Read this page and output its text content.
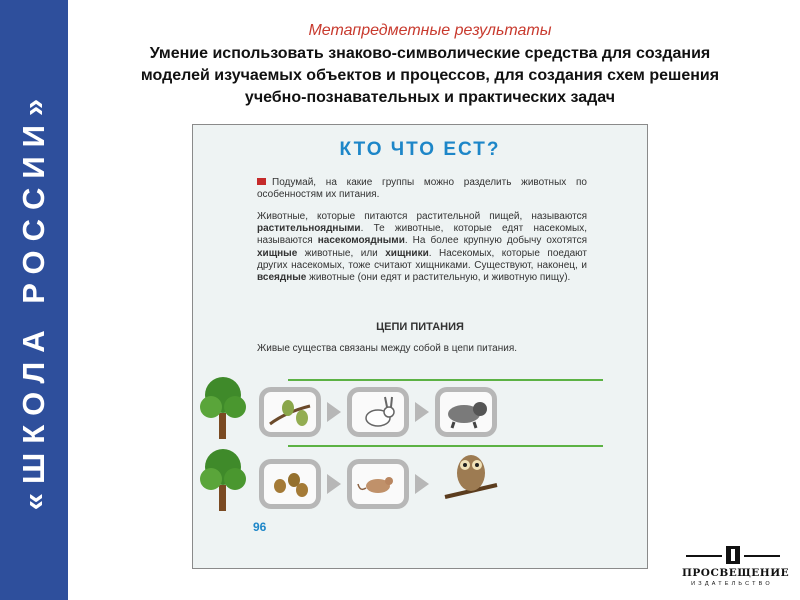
«ШКОЛА РОССИИ»
Метапредметные результаты
Умение использовать знаково-символические средства для создания
моделей изучаемых объектов и процессов, для создания схем решения
учебно-познавательных и практических задач
КТО ЧТО ЕСТ?
Подумай, на какие группы можно разделить животных по особенностям их питания.
Животные, которые питаются растительной пищей, называются растительноядными. Те животные, которые едят насекомых, называются насекомоядными. На более крупную добычу охотятся хищные животные, или хищники. Насекомых, которые поедают других насекомых, тоже считают хищниками. Существуют, наконец, и всеядные животные (они едят и растительную, и животную пищу).
ЦЕПИ ПИТАНИЯ
Живые существа связаны между собой в цепи питания.
96
ПРОСВЕЩЕНИЕ
ИЗДАТЕЛЬСТВО
